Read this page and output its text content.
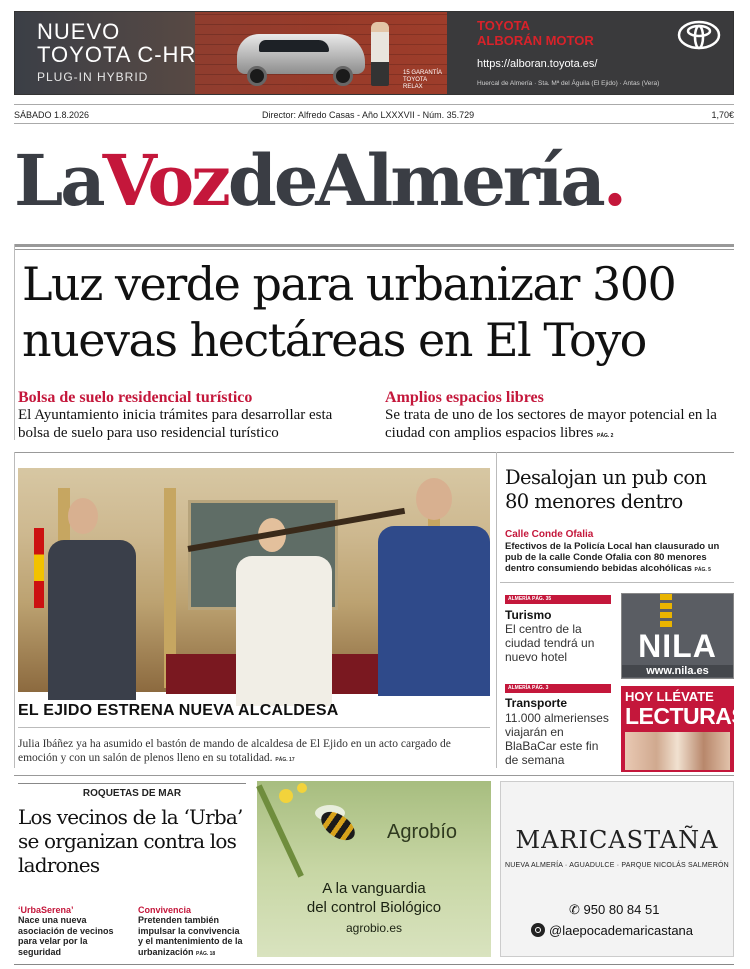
NUEVO
TOYOTA C-HR
PLUG-IN HYBRID	15 GARANTÍA TOYOTA RELAX
TOYOTA
ALBORÁN MOTOR
https://alboran.toyota.es/
Huercal de Almería · Sta. Mª del Águila (El Ejido) · Antas (Vera)
SÁBADO 1.8.2026	Director: Alfredo Casas - Año LXXXVII - Núm. 35.729	1,70€
LaVozdeAlmería.
Luz verde para urbanizar 300 nuevas hectáreas en El Toyo
Bolsa de suelo residencial turístico
El Ayuntamiento inicia trámites para desarrollar esta bolsa de suelo para uso residencial turístico
Amplios espacios libres
Se trata de uno de los sectores de mayor potencial en la ciudad con amplios espacios libres PÁG. 2
EL EJIDO ESTRENA NUEVA ALCALDESA
Julia Ibáñez ya ha asumido el bastón de mando de alcaldesa de El Ejido en un acto cargado de emoción y con un salón de plenos lleno en su totalidad. PÁG. 17
Desalojan un pub con 80 menores dentro
Calle Conde Ofalia
Efectivos de la Policía Local han clausurado un pub de la calle Conde Ofalia con 80 menores dentro consumiendo bebidas alcohólicas PÁG. 5
ALMERÍA PÁG. 35
Turismo
El centro de la ciudad tendrá un nuevo hotel
ALMERÍA PÁG. 3
Transporte
11.000 almerienses viajarán en BlaBaCar este fin de semana
NILA
www.nila.es
HOY LLÉVATE
LECTURAS
ROQUETAS DE MAR
Los vecinos de la ‘Urba’ se organizan contra los ladrones
‘UrbaSerena’
Nace una nueva asociación de vecinos para velar por la seguridad
Convivencia
Pretenden también impulsar la convivencia y el mantenimiento de la urbanización PÁG. 18
Agrobío
A la vanguardia
del control Biológico
agrobio.es
MARICASTAÑA
NUEVA ALMERÍA · AGUADULCE · PARQUE NICOLÁS SALMERÓN
✆ 950 80 84 51
@laepocademaricastana
